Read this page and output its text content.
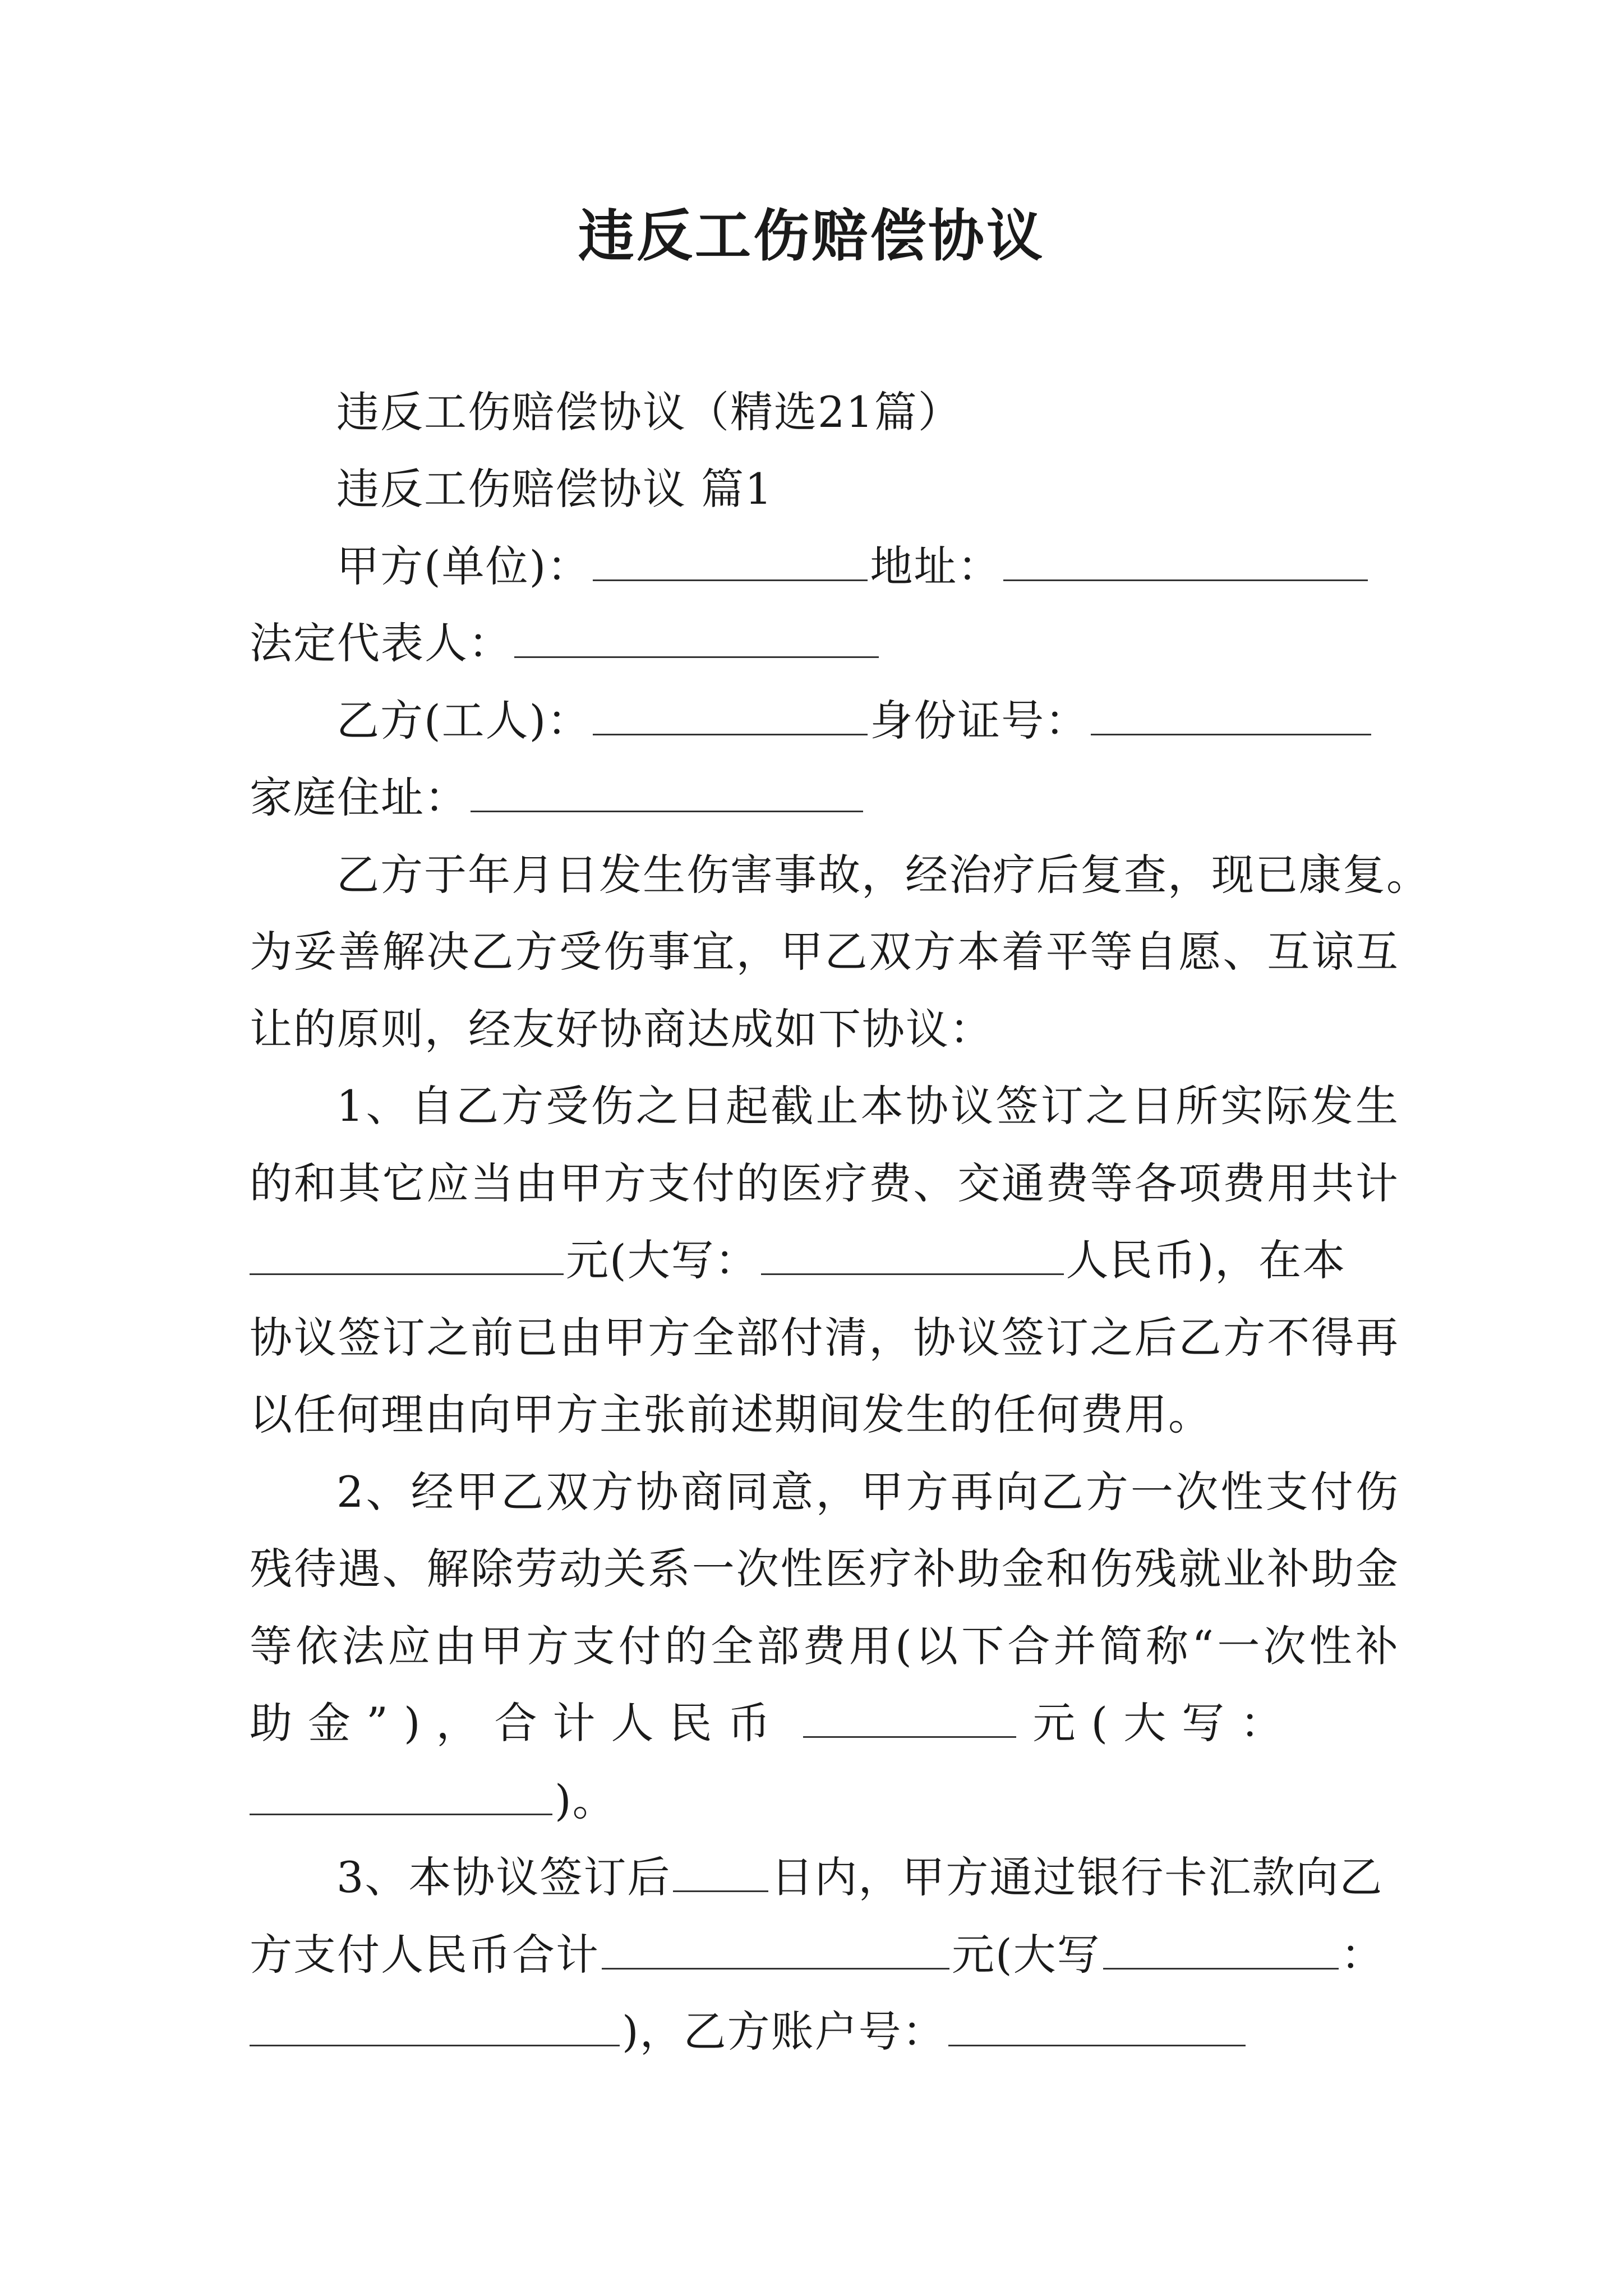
违反工伤赔偿协议
违反工伤赔偿协议（精选21篇）
违反工伤赔偿协议 篇1
甲方(单位)：	地址：
法定代表人：
乙方(工人)：	身份证号：
家庭住址：
乙方于年月日发生伤害事故，经治疗后复查，现已康复。
为妥善解决乙方受伤事宜，甲乙双方本着平等自愿、互谅互
让的原则，经友好协商达成如下协议：
1、自乙方受伤之日起截止本协议签订之日所实际发生
的和其它应当由甲方支付的医疗费、交通费等各项费用共计
元(大写：	人民币)，在本
协议签订之前已由甲方全部付清，协议签订之后乙方不得再
以任何理由向甲方主张前述期间发生的任何费用。
2、经甲乙双方协商同意，甲方再向乙方一次性支付伤
残待遇、解除劳动关系一次性医疗补助金和伤残就业补助金
等依法应由甲方支付的全部费用(以下合并简称“一次性补
助金”)，合计人民币	元(大写：
)。
3、本协议签订后 日内，甲方通过银行卡汇款向乙
方支付人民币合计	元(大写	：
)，乙方账户号：
